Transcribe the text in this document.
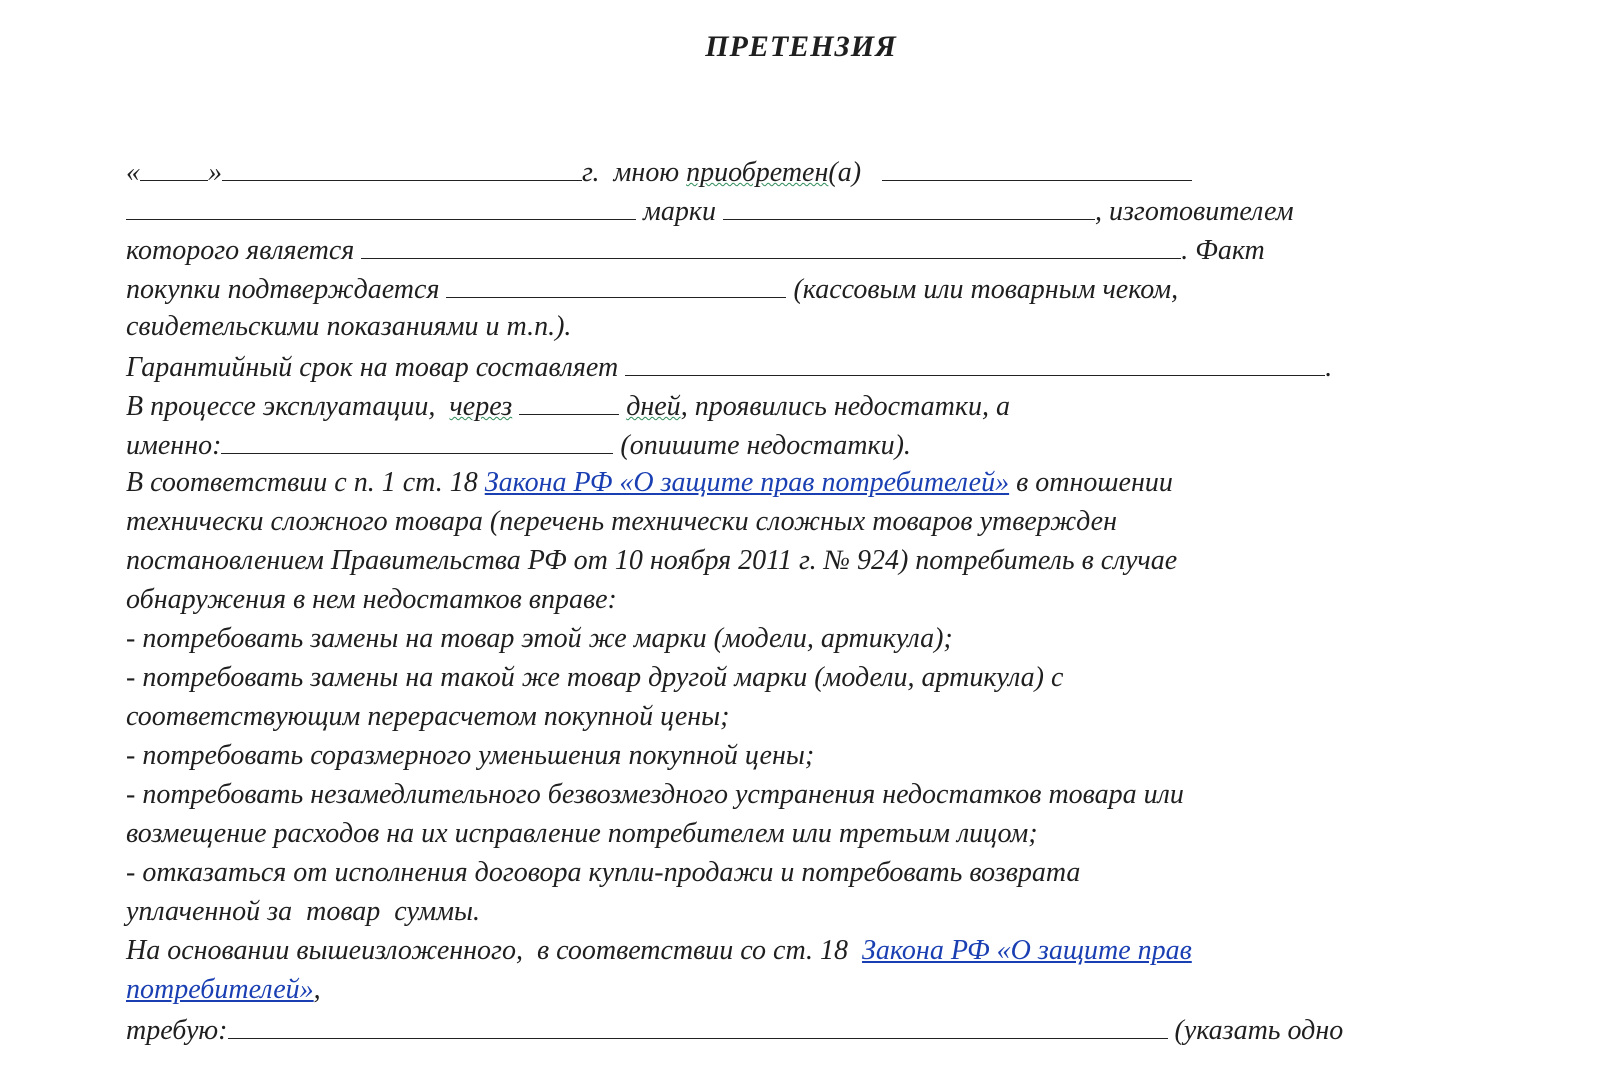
ПРЕТЕНЗИЯ
« »	г.  мною приобретен(а)
марки	, изготовителем
которого является	. Факт
покупки подтверждается	(кассовым или товарным чеком,
свидетельскими показаниями и т.п.).
Гарантийный срок на товар составляет	.
В процессе эксплуатации,  через	дней, проявились недостатки, а
именно:	(опишите недостатки).
В соответствии с п. 1 ст. 18 Закона РФ «О защите прав потребителей» в отношении
технически сложного товара (перечень технически сложных товаров утвержден
постановлением Правительства РФ от 10 ноября 2011 г. № 924) потребитель в случае
обнаружения в нем недостатков вправе:
- потребовать замены на товар этой же марки (модели, артикула);
- потребовать замены на такой же товар другой марки (модели, артикула) с
соответствующим перерасчетом покупной цены;
- потребовать соразмерного уменьшения покупной цены;
- потребовать незамедлительного безвозмездного устранения недостатков товара или
возмещение расходов на их исправление потребителем или третьим лицом;
- отказаться от исполнения договора купли-продажи и потребовать возврата
уплаченной за  товар  суммы.
На основании вышеизложенного,  в соответствии со ст. 18  Закона РФ «О защите прав
потребителей»,
требую:	(указать одно
